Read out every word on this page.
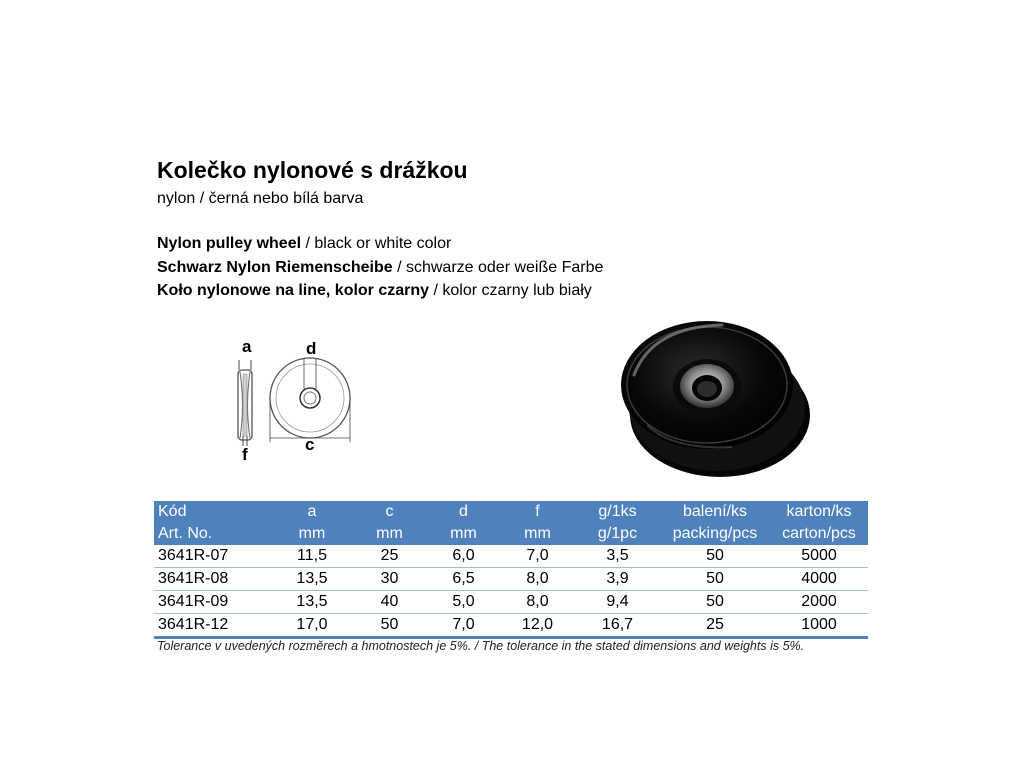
Kolečko nylonové s drážkou
nylon / černá nebo bílá barva
Nylon pulley wheel / black or white color
Schwarz Nylon Riemenscheibe / schwarze oder weiße Farbe
Koło nylonowe na line, kolor czarny / kolor czarny lub biały
a
f
d
c
Kód	a	c	d	f	g/1ks	balení/ks	karton/ks
Art. No.	mm	mm	mm	mm	g/1pc	packing/pcs	carton/pcs
3641R-07	11,5	25	6,0	7,0	3,5	50	5000
3641R-08	13,5	30	6,5	8,0	3,9	50	4000
3641R-09	13,5	40	5,0	8,0	9,4	50	2000
3641R-12	17,0	50	7,0	12,0	16,7	25	1000
Tolerance v uvedených rozměrech a hmotnostech je 5%. / The tolerance in the stated dimensions and weights is 5%.
